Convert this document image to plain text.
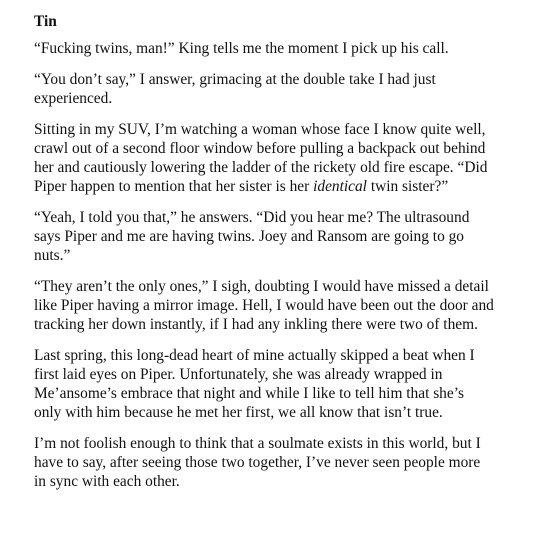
Tin

“Fucking twins, man!” King tells me the moment I pick up his call.

“You don’t say,” I answer, grimacing at the double take I had just experienced.

Sitting in my SUV, I’m watching a woman whose face I know quite well, crawl out of a second floor window before pulling a backpack out behind her and cautiously lowering the ladder of the rickety old fire escape. “Did Piper happen to mention that her sister is her identical twin sister?”

“Yeah, I told you that,” he answers. “Did you hear me? The ultrasound says Piper and me are having twins. Joey and Ransom are going to go nuts.”

“They aren’t the only ones,” I sigh, doubting I would have missed a detail like Piper having a mirror image. Hell, I would have been out the door and tracking her down instantly, if I had any inkling there were two of them.

Last spring, this long-dead heart of mine actually skipped a beat when I first laid eyes on Piper. Unfortunately, she was already wrapped in Me’ansome’s embrace that night and while I like to tell him that she’s only with him because he met her first, we all know that isn’t true.

I’m not foolish enough to think that a soulmate exists in this world, but I have to say, after seeing those two together, I’ve never seen people more in sync with each other.
